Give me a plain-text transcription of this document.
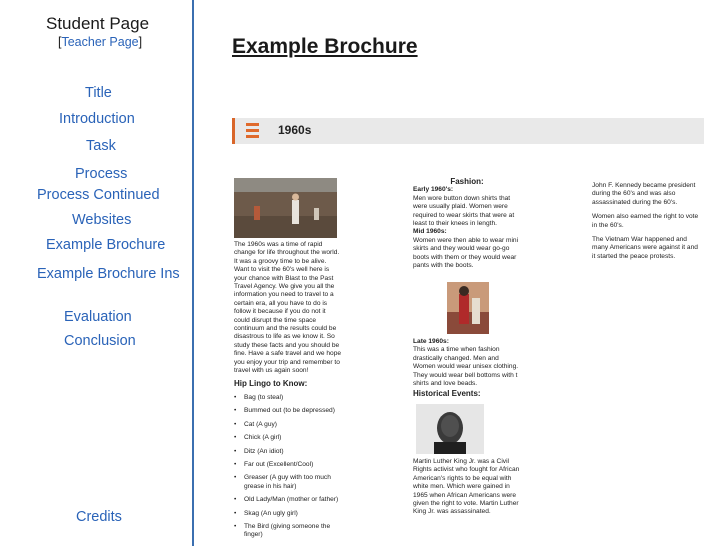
Student Page
[Teacher Page]
Title
Introduction
Task
Process
Process Continued
Websites
Example Brochure
Example Brochure Ins
Evaluation
Conclusion
Credits
Example Brochure
1960s
The 1960s was a time of rapid change for life throughout the world. It was a groovy time to be alive. Want to visit the 60's well here is your chance with Blast to the Past Travel Agency. We give you all the information you need to travel to a certain era, all you have to do is follow it because if you do not it could disrupt the time space continuum and the results could be disastrous to life as we know it. So study these facts and you should be fine. Have a safe travel and we hope you enjoy your trip and remember to travel with us again soon!
Hip Lingo to Know:
• Bag (to steal)
• Bummed out (to be depressed)
• Cat (A guy)
• Chick (A girl)
• Ditz (An idiot)
• Far out (Excellent/Cool)
• Greaser (A guy with too much grease in his hair)
• Old Lady/Man (mother or father)
• Skag (An ugly girl)
• The Bird (giving someone the finger)
Fashion:
Early 1960's:
Men wore button down shirts that were usually plaid. Women were required to wear skirts that were at least to their knees in length.
Mid 1960s:
Women were then able to wear mini skirts and they would wear go-go boots with them or they would wear pants with the boots.
Late 1960s:
This was a time when fashion drastically changed. Men and Women would wear unisex clothing. They would wear bell bottoms with t shirts and love beads.
Historical Events:
Martin Luther King Jr. was a Civil Rights activist who fought for African American's rights to be equal with white men. Which were gained in 1965 when African Americans were given the right to vote. Martin Luther King Jr. was assassinated.
John F. Kennedy became president during the 60's and was also assassinated during the 60's.
Women also earned the right to vote in the 60's.
The Vietnam War happened and many Americans were against it and it started the peace protests.
